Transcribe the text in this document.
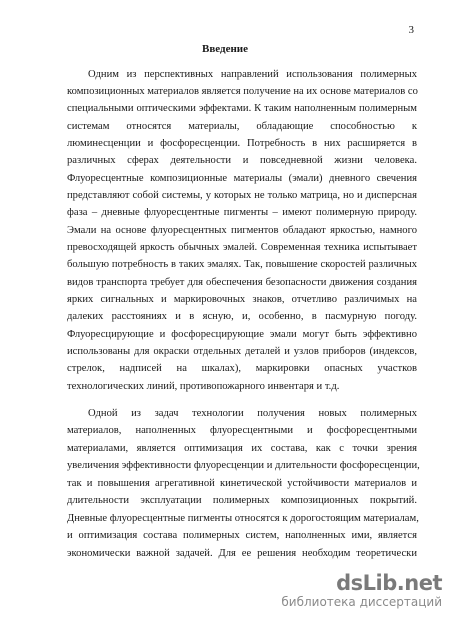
3
Введение
Одним из перспективных направлений использования полимерных
композиционных материалов является получение на их основе материалов со
специальными оптическими эффектами. К таким наполненным полимерным
системам относятся материалы, обладающие способностью к
люминесценции и фосфоресценции. Потребность в них расширяется в
различных сферах деятельности и повседневной жизни человека.
Флуоресцентные композиционные материалы (эмали) дневного свечения
представляют собой системы, у которых не только матрица, но и дисперсная
фаза – дневные флуоресцентные пигменты – имеют полимерную природу.
Эмали на основе флуоресцентных пигментов обладают яркостью, намного
превосходящей яркость обычных эмалей. Современная техника испытывает
большую потребность в таких эмалях. Так, повышение скоростей различных
видов транспорта требует для обеспечения безопасности движения создания
ярких сигнальных и маркировочных знаков, отчетливо различимых на
далеких расстояниях и в ясную, и, особенно, в пасмурную погоду.
Флуоресцирующие и фосфоресцирующие эмали могут быть эффективно
использованы для окраски отдельных деталей и узлов приборов (индексов,
стрелок, надписей на шкалах), маркировки опасных участков
технологических линий, противопожарного инвентаря и т.д.
Одной из задач технологии получения новых полимерных
материалов, наполненных флуоресцентными и фосфоресцентными
материалами, является оптимизация их состава, как с точки зрения
увеличения эффективности флуоресценции и длительности фосфоресценции,
так и повышения агрегативной кинетической устойчивости материалов и
длительности эксплуатации полимерных композиционных покрытий.
Дневные флуоресцентные пигменты относятся к дорогостоящим материалам,
и оптимизация состава полимерных систем, наполненных ими, является
экономически важной задачей. Для ее решения необходим теоретически
dsLib.net
библиотека диссертаций
